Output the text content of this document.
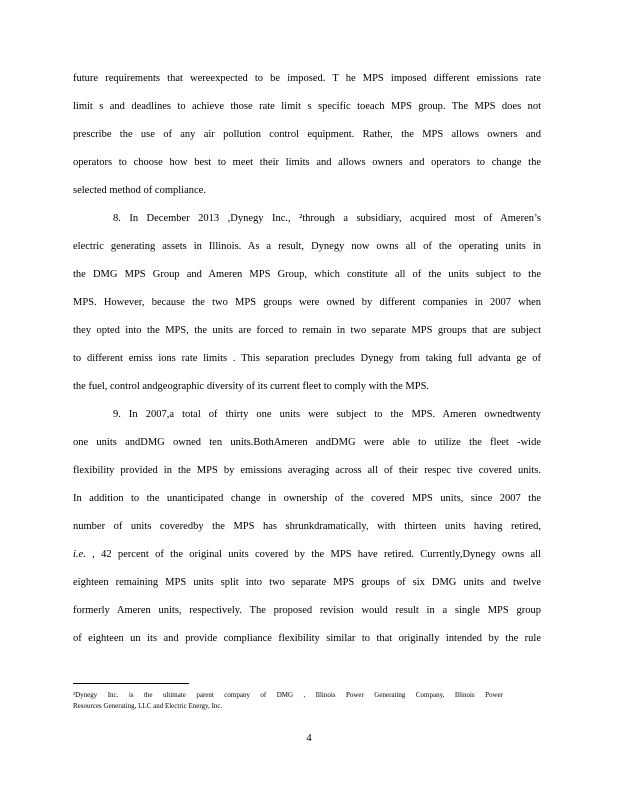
future requirements that wereexpected to be imposed. T he MPS imposed different emissions rate
limit s and deadlines to achieve those rate limit s specific toeach MPS group. The MPS does not
prescribe the use of any air pollution control equipment. Rather, the MPS allows owners and
operators to choose how best to meet their limits and allows owners and operators to change the
selected method of compliance.
8. In December 2013 ,Dynegy Inc., ²through a subsidiary, acquired most of Ameren’s
electric generating assets in Illinois. As a result, Dynegy now owns all of the operating units in
the DMG MPS Group and Ameren MPS Group, which constitute all of the units subject to the
MPS. However, because the two MPS groups were owned by different companies in 2007 when
they opted into the MPS, the units are forced to remain in two separate MPS groups that are subject
to different emiss ions rate limits . This separation precludes Dynegy from taking full advanta ge of
the fuel, control andgeographic diversity of its current fleet to comply with the MPS.
9. In 2007,a total of thirty one units were subject to the MPS. Ameren ownedtwenty
one units andDMG owned ten units.BothAmeren andDMG were able to utilize the fleet -wide
flexibility provided in the MPS by emissions averaging across all of their respec tive covered units.
In addition to the unanticipated change in ownership of the covered MPS units, since 2007 the
number of units coveredby the MPS has shrunkdramatically, with thirteen units having retired,
i.e. , 42 percent of the original units covered by the MPS have retired. Currently,Dynegy owns all
eighteen remaining MPS units split into two separate MPS groups of six DMG units and twelve
formerly Ameren units, respectively. The proposed revision would result in a single MPS group
of eighteen un its and provide compliance flexibility similar to that originally intended by the rule
²Dynegy Inc. is the ultimate parent company of DMG , Illinois Power Generating Company, Illinois Power
Resources Generating, LLC and Electric Energy, Inc.
4
